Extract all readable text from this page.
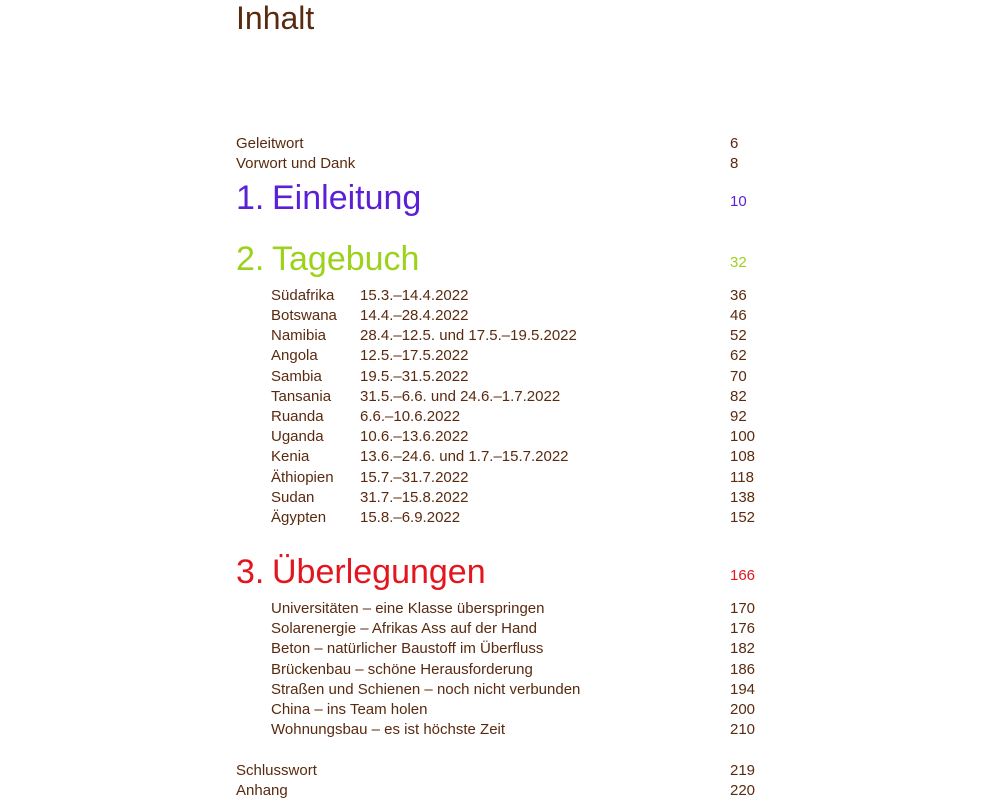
Inhalt
Geleitwort	6
Vorwort und Dank	8
1. Einleitung	10
2. Tagebuch	32
Südafrika 15.3.–14.4.2022	36
Botswana 14.4.–28.4.2022	46
Namibia 28.4.–12.5. und 17.5.–19.5.2022	52
Angola	12.5.–17.5.2022	62
Sambia	19.5.–31.5.2022	70
Tansania 31.5.–6.6. und 24.6.–1.7.2022	82
Ruanda 6.6.–10.6.2022	92
Uganda 10.6.–13.6.2022	100
Kenia	13.6.–24.6. und 1.7.–15.7.2022	108
Äthiopien 15.7.–31.7.2022	118
Sudan	31.7.–15.8.2022	138
Ägypten 15.8.–6.9.2022	152
3. Überlegungen	166
Universitäten – eine Klasse überspringen	170
Solarenergie – Afrikas Ass auf der Hand	176
Beton – natürlicher Baustoff im Überfluss	182
Brückenbau – schöne Herausforderung	186
Straßen und Schienen – noch nicht verbunden	194
China – ins Team holen	200
Wohnungsbau – es ist höchste Zeit	210
Schlusswort	219
Anhang	220
